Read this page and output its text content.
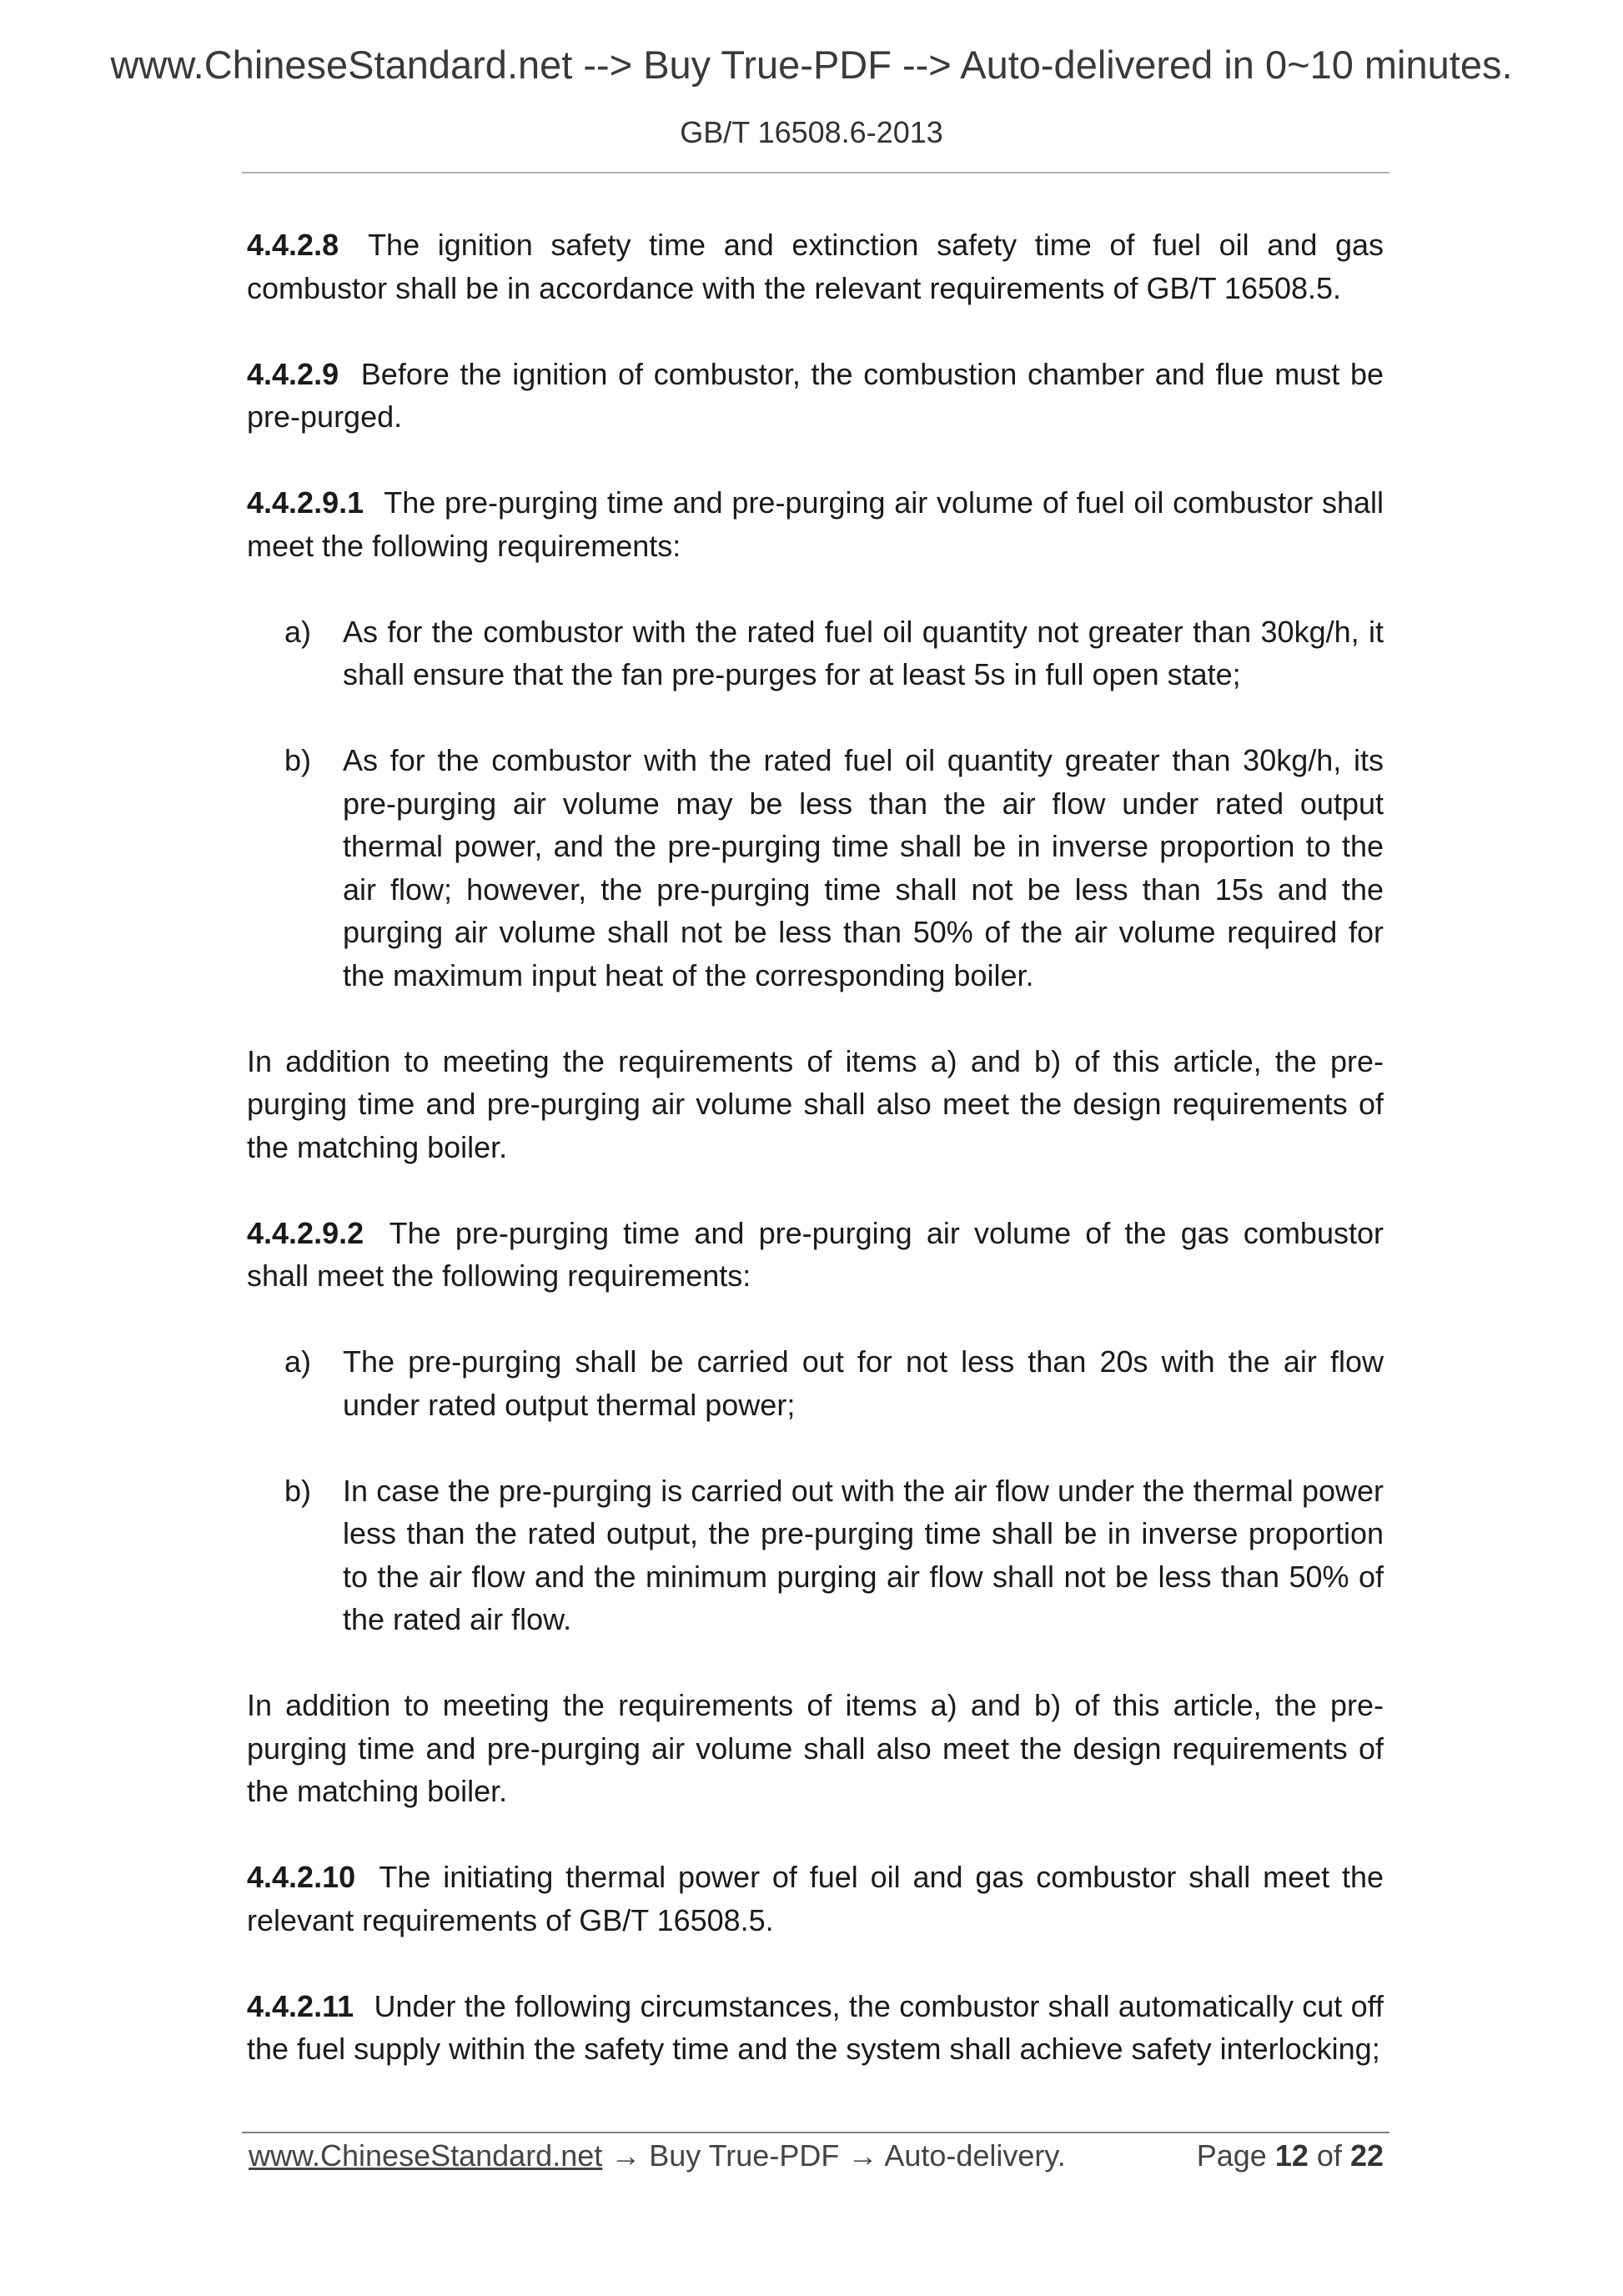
www.ChineseStandard.net --> Buy True-PDF --> Auto-delivered in 0~10 minutes.
GB/T 16508.6-2013

4.4.2.8 The ignition safety time and extinction safety time of fuel oil and gas combustor shall be in accordance with the relevant requirements of GB/T 16508.5.

4.4.2.9 Before the ignition of combustor, the combustion chamber and flue must be pre-purged.

4.4.2.9.1 The pre-purging time and pre-purging air volume of fuel oil combustor shall meet the following requirements:

a) As for the combustor with the rated fuel oil quantity not greater than 30kg/h, it shall ensure that the fan pre-purges for at least 5s in full open state;
b) As for the combustor with the rated fuel oil quantity greater than 30kg/h, its pre-purging air volume may be less than the air flow under rated output thermal power, and the pre-purging time shall be in inverse proportion to the air flow; however, the pre-purging time shall not be less than 15s and the purging air volume shall not be less than 50% of the air volume required for the maximum input heat of the corresponding boiler.

In addition to meeting the requirements of items a) and b) of this article, the pre-purging time and pre-purging air volume shall also meet the design requirements of the matching boiler.

4.4.2.9.2 The pre-purging time and pre-purging air volume of the gas combustor shall meet the following requirements:

a) The pre-purging shall be carried out for not less than 20s with the air flow under rated output thermal power;
b) In case the pre-purging is carried out with the air flow under the thermal power less than the rated output, the pre-purging time shall be in inverse proportion to the air flow and the minimum purging air flow shall not be less than 50% of the rated air flow.

In addition to meeting the requirements of items a) and b) of this article, the pre-purging time and pre-purging air volume shall also meet the design requirements of the matching boiler.

4.4.2.10 The initiating thermal power of fuel oil and gas combustor shall meet the relevant requirements of GB/T 16508.5.

4.4.2.11 Under the following circumstances, the combustor shall automatically cut off the fuel supply within the safety time and the system shall achieve safety interlocking;

www.ChineseStandard.net → Buy True-PDF → Auto-delivery.	Page 12 of 22
